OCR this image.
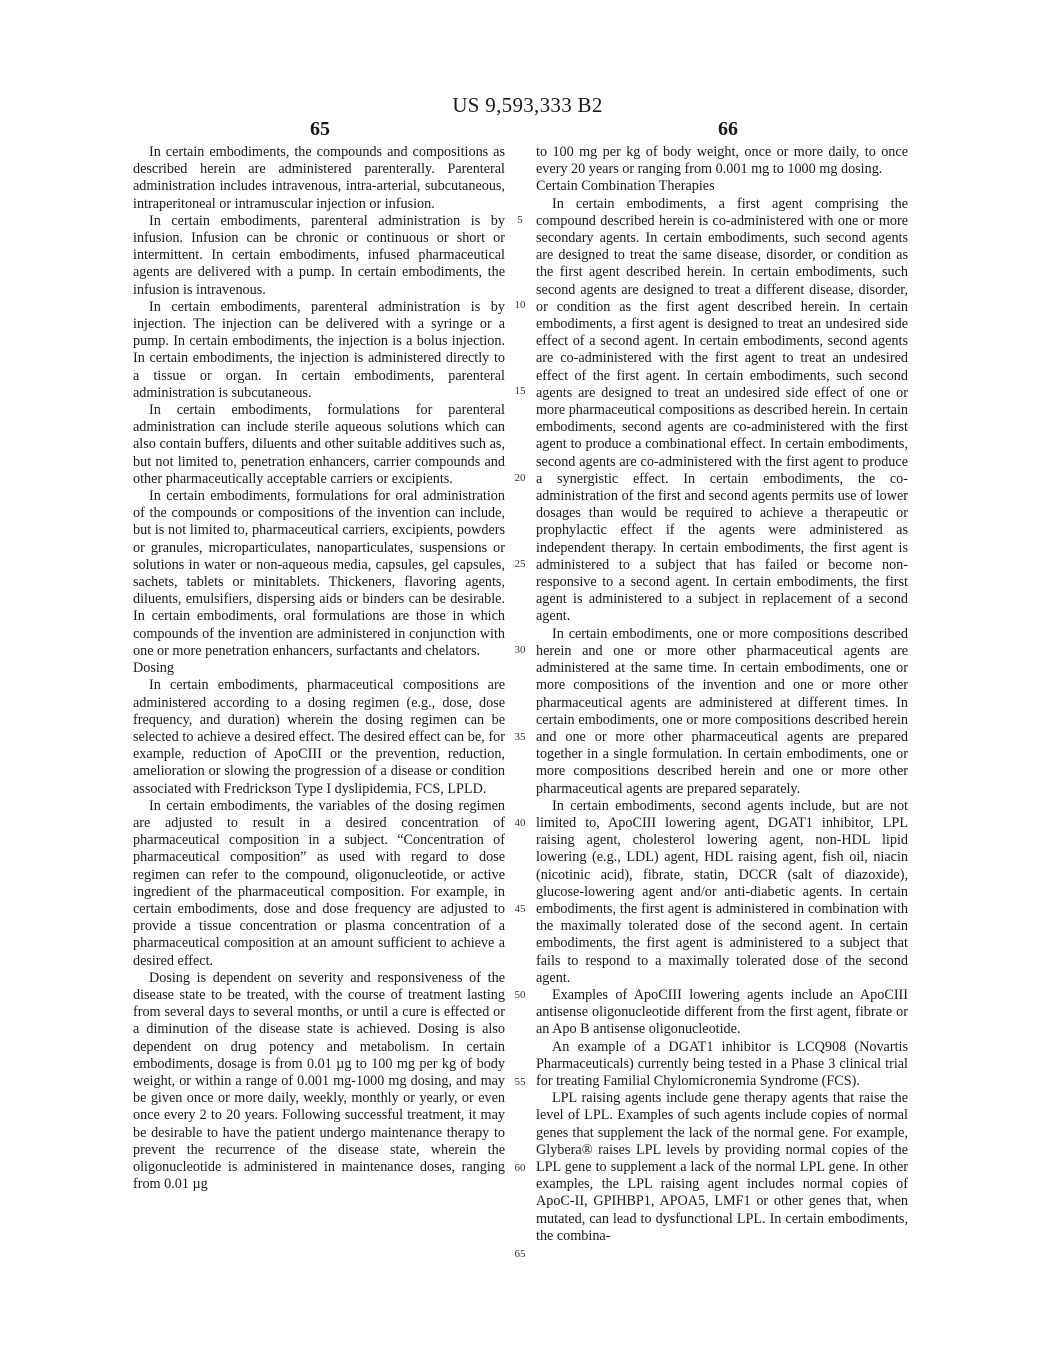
US 9,593,333 B2
65	66

In certain embodiments, the compounds and compositions as described herein are administered parenterally. Parenteral administration includes intravenous, intra-arterial, subcutaneous, intraperitoneal or intramuscular injection or infusion.

In certain embodiments, parenteral administration is by infusion. Infusion can be chronic or continuous or short or intermittent. In certain embodiments, infused pharmaceutical agents are delivered with a pump. In certain embodiments, the infusion is intravenous.

In certain embodiments, parenteral administration is by injection. The injection can be delivered with a syringe or a pump. In certain embodiments, the injection is a bolus injection. In certain embodiments, the injection is administered directly to a tissue or organ. In certain embodiments, parenteral administration is subcutaneous.

In certain embodiments, formulations for parenteral administration can include sterile aqueous solutions which can also contain buffers, diluents and other suitable additives such as, but not limited to, penetration enhancers, carrier compounds and other pharmaceutically acceptable carriers or excipients.

In certain embodiments, formulations for oral administration of the compounds or compositions of the invention can include, but is not limited to, pharmaceutical carriers, excipients, powders or granules, microparticulates, nanoparticulates, suspensions or solutions in water or non-aqueous media, capsules, gel capsules, sachets, tablets or minitablets. Thickeners, flavoring agents, diluents, emulsifiers, dispersing aids or binders can be desirable. In certain embodiments, oral formulations are those in which compounds of the invention are administered in conjunction with one or more penetration enhancers, surfactants and chelators.

Dosing

In certain embodiments, pharmaceutical compositions are administered according to a dosing regimen (e.g., dose, dose frequency, and duration) wherein the dosing regimen can be selected to achieve a desired effect. The desired effect can be, for example, reduction of ApoCIII or the prevention, reduction, amelioration or slowing the progression of a disease or condition associated with Fredrickson Type I dyslipidemia, FCS, LPLD.

In certain embodiments, the variables of the dosing regimen are adjusted to result in a desired concentration of pharmaceutical composition in a subject. “Concentration of pharmaceutical composition” as used with regard to dose regimen can refer to the compound, oligonucleotide, or active ingredient of the pharmaceutical composition. For example, in certain embodiments, dose and dose frequency are adjusted to provide a tissue concentration or plasma concentration of a pharmaceutical composition at an amount sufficient to achieve a desired effect.

Dosing is dependent on severity and responsiveness of the disease state to be treated, with the course of treatment lasting from several days to several months, or until a cure is effected or a diminution of the disease state is achieved. Dosing is also dependent on drug potency and metabolism. In certain embodiments, dosage is from 0.01 µg to 100 mg per kg of body weight, or within a range of 0.001 mg-1000 mg dosing, and may be given once or more daily, weekly, monthly or yearly, or even once every 2 to 20 years. Following successful treatment, it may be desirable to have the patient undergo maintenance therapy to prevent the recurrence of the disease state, wherein the oligonucleotide is administered in maintenance doses, ranging from 0.01 µg

5
10
15
20
25
30
35
40
45
50
55
60
65

to 100 mg per kg of body weight, once or more daily, to once every 20 years or ranging from 0.001 mg to 1000 mg dosing.

Certain Combination Therapies

In certain embodiments, a first agent comprising the compound described herein is co-administered with one or more secondary agents. In certain embodiments, such second agents are designed to treat the same disease, disorder, or condition as the first agent described herein. In certain embodiments, such second agents are designed to treat a different disease, disorder, or condition as the first agent described herein. In certain embodiments, a first agent is designed to treat an undesired side effect of a second agent. In certain embodiments, second agents are co-administered with the first agent to treat an undesired effect of the first agent. In certain embodiments, such second agents are designed to treat an undesired side effect of one or more pharmaceutical compositions as described herein. In certain embodiments, second agents are co-administered with the first agent to produce a combinational effect. In certain embodiments, second agents are co-administered with the first agent to produce a synergistic effect. In certain embodiments, the co-administration of the first and second agents permits use of lower dosages than would be required to achieve a therapeutic or prophylactic effect if the agents were administered as independent therapy. In certain embodiments, the first agent is administered to a subject that has failed or become non-responsive to a second agent. In certain embodiments, the first agent is administered to a subject in replacement of a second agent.

In certain embodiments, one or more compositions described herein and one or more other pharmaceutical agents are administered at the same time. In certain embodiments, one or more compositions of the invention and one or more other pharmaceutical agents are administered at different times. In certain embodiments, one or more compositions described herein and one or more other pharmaceutical agents are prepared together in a single formulation. In certain embodiments, one or more compositions described herein and one or more other pharmaceutical agents are prepared separately.

In certain embodiments, second agents include, but are not limited to, ApoCIII lowering agent, DGAT1 inhibitor, LPL raising agent, cholesterol lowering agent, non-HDL lipid lowering (e.g., LDL) agent, HDL raising agent, fish oil, niacin (nicotinic acid), fibrate, statin, DCCR (salt of diazoxide), glucose-lowering agent and/or anti-diabetic agents. In certain embodiments, the first agent is administered in combination with the maximally tolerated dose of the second agent. In certain embodiments, the first agent is administered to a subject that fails to respond to a maximally tolerated dose of the second agent.

Examples of ApoCIII lowering agents include an ApoCIII antisense oligonucleotide different from the first agent, fibrate or an Apo B antisense oligonucleotide.

An example of a DGAT1 inhibitor is LCQ908 (Novartis Pharmaceuticals) currently being tested in a Phase 3 clinical trial for treating Familial Chylomicronemia Syndrome (FCS).

LPL raising agents include gene therapy agents that raise the level of LPL. Examples of such agents include copies of normal genes that supplement the lack of the normal gene. For example, Glybera® raises LPL levels by providing normal copies of the LPL gene to supplement a lack of the normal LPL gene. In other examples, the LPL raising agent includes normal copies of ApoC-II, GPIHBP1, APOA5, LMF1 or other genes that, when mutated, can lead to dysfunctional LPL. In certain embodiments, the combina-
